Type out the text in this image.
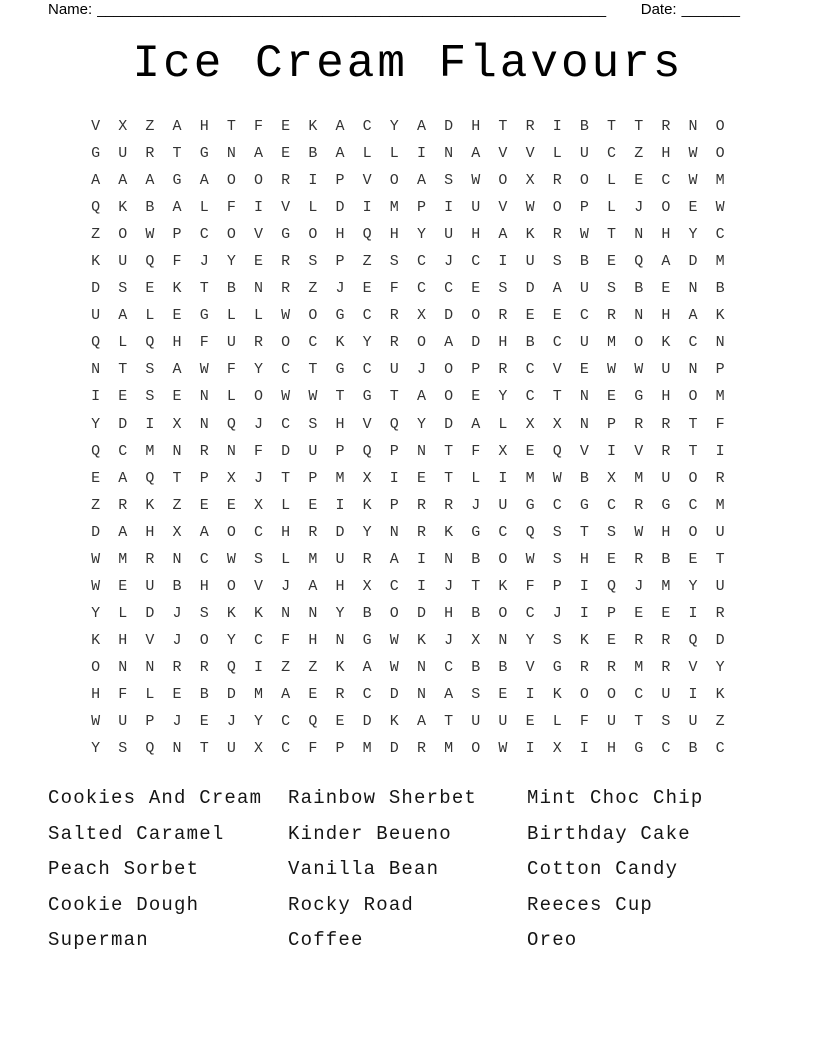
Name: _____________________________________________________________ Date: _______
Ice Cream Flavours
V	X	Z	A	H	T	F	E	K	A	C	Y	A	D	H	T	R	I	B	T	T	R	N	O
G	U	R	T	G	N	A	E	B	A	L	L	I	N	A	V	V	L	U	C	Z	H	W	O
A	A	A	G	A	O	O	R	I	P	V	O	A	S	W	O	X	R	O	L	E	C	W	M
Q	K	B	A	L	F	I	V	L	D	I	M	P	I	U	V	W	O	P	L	J	O	E	W
Z	O	W	P	C	O	V	G	O	H	Q	H	Y	U	H	A	K	R	W	T	N	H	Y	C
K	U	Q	F	J	Y	E	R	S	P	Z	S	C	J	C	I	U	S	B	E	Q	A	D	M
D	S	E	K	T	B	N	R	Z	J	E	F	C	C	E	S	D	A	U	S	B	E	N	B
U	A	L	E	G	L	L	W	O	G	C	R	X	D	O	R	E	E	C	R	N	H	A	K
Q	L	Q	H	F	U	R	O	C	K	Y	R	O	A	D	H	B	C	U	M	O	K	C	N
N	T	S	A	W	F	Y	C	T	G	C	U	J	O	P	R	C	V	E	W	W	U	N	P
I	E	S	E	N	L	O	W	W	T	G	T	A	O	E	Y	C	T	N	E	G	H	O	M
Y	D	I	X	N	Q	J	C	S	H	V	Q	Y	D	A	L	X	X	N	P	R	R	T	F
Q	C	M	N	R	N	F	D	U	P	Q	P	N	T	F	X	E	Q	V	I	V	R	T	I
E	A	Q	T	P	X	J	T	P	M	X	I	E	T	L	I	M	W	B	X	M	U	O	R
Z	R	K	Z	E	E	X	L	E	I	K	P	R	R	J	U	G	C	G	C	R	G	C	M
D	A	H	X	A	O	C	H	R	D	Y	N	R	K	G	C	Q	S	T	S	W	H	O	U
W	M	R	N	C	W	S	L	M	U	R	A	I	N	B	O	W	S	H	E	R	B	E	T
W	E	U	B	H	O	V	J	A	H	X	C	I	J	T	K	F	P	I	Q	J	M	Y	U
Y	L	D	J	S	K	K	N	N	Y	B	O	D	H	B	O	C	J	I	P	E	E	I	R
K	H	V	J	O	Y	C	F	H	N	G	W	K	J	X	N	Y	S	K	E	R	R	Q	D
O	N	N	R	R	Q	I	Z	Z	K	A	W	N	C	B	B	V	G	R	R	M	R	V	Y
H	F	L	E	B	D	M	A	E	R	C	D	N	A	S	E	I	K	O	O	C	U	I	K
W	U	P	J	E	J	Y	C	Q	E	D	K	A	T	U	U	E	L	F	U	T	S	U	Z
Y	S	Q	N	T	U	X	C	F	P	M	D	R	M	O	W	I	X	I	H	G	C	B	C
Cookies And Cream
Salted Caramel
Peach Sorbet
Cookie Dough
Superman
Rainbow Sherbet
Kinder Beueno
Vanilla Bean
Rocky Road
Coffee
Mint Choc Chip
Birthday Cake
Cotton Candy
Reeces Cup
Oreo
